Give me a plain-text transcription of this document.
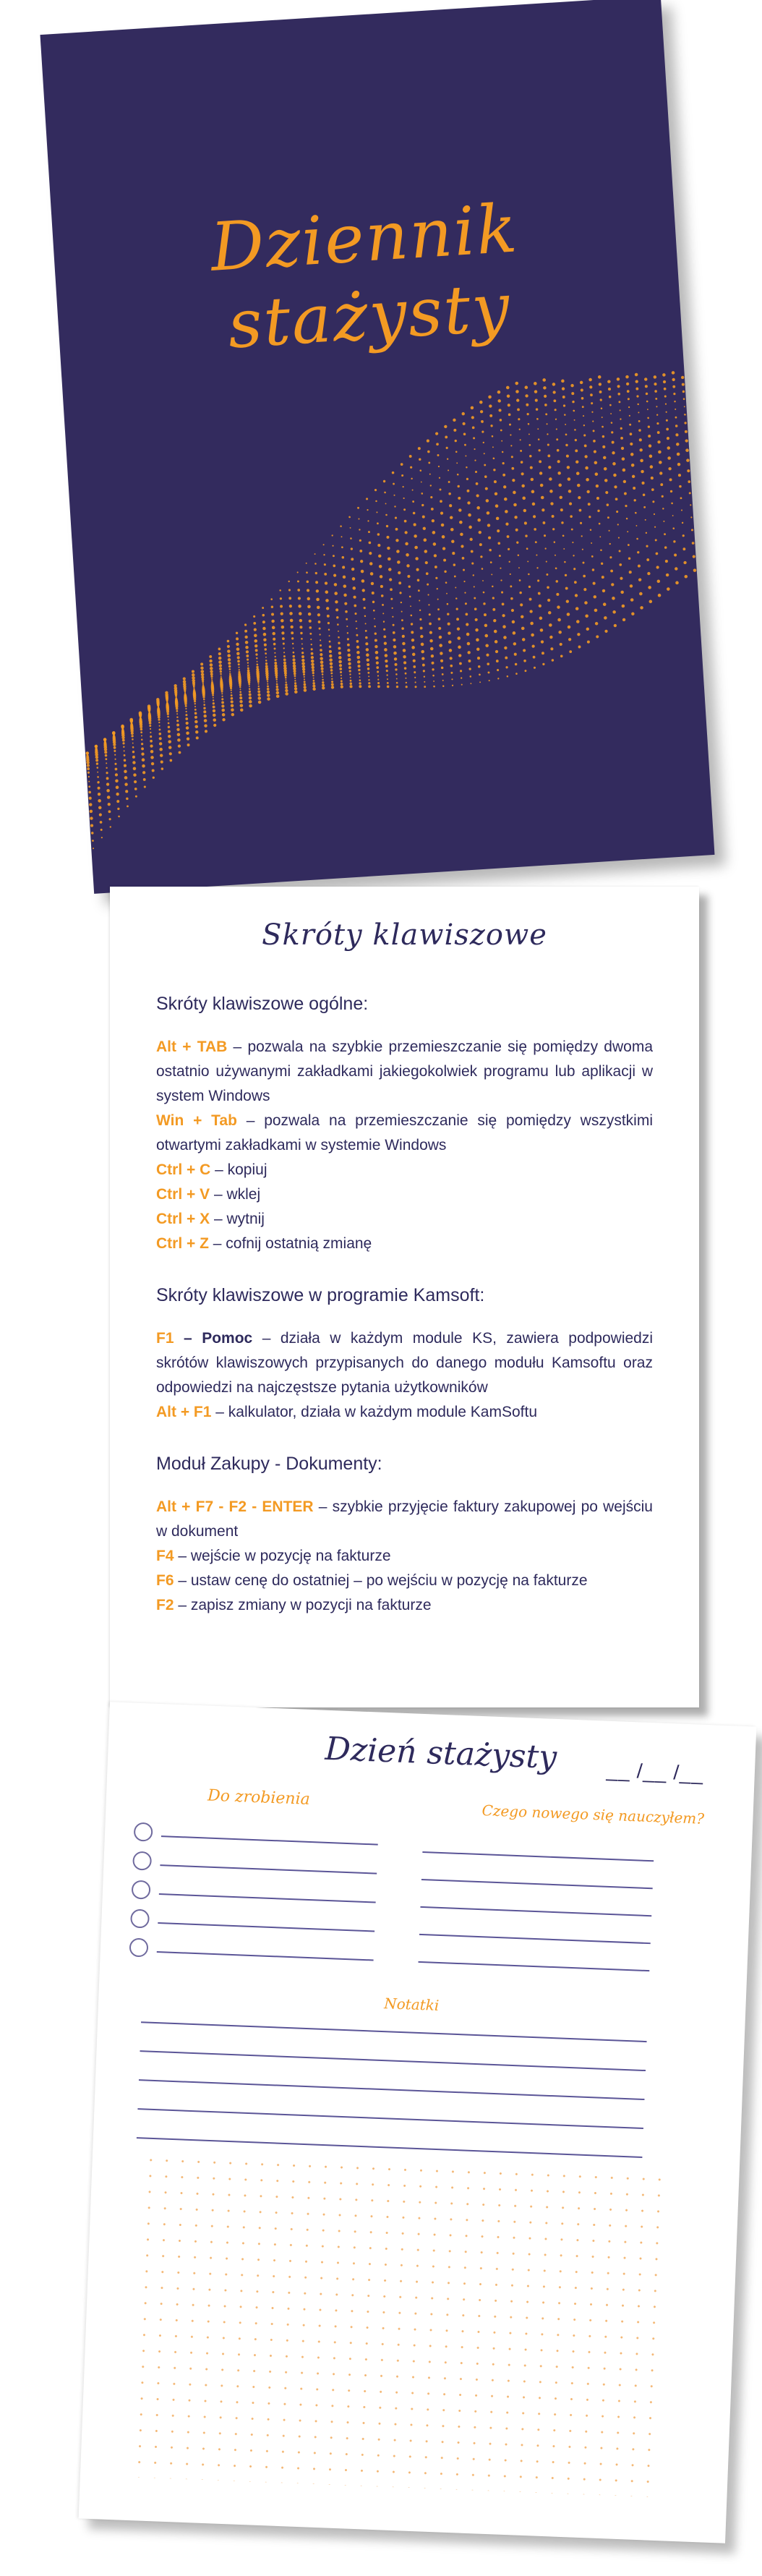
Dziennik
stażysty
Skróty klawiszowe
Skróty klawiszowe ogólne:
Alt + TAB – pozwala na szybkie przemieszczanie się pomiędzy dwoma ostatnio używanymi zakładkami jakiegokolwiek programu lub aplikacji w system Windows
Win + Tab – pozwala na przemieszczanie się pomiędzy wszystkimi otwartymi zakładkami w systemie Windows
Ctrl + C – kopiuj
Ctrl + V – wklej
Ctrl + X – wytnij
Ctrl + Z – cofnij ostatnią zmianę
Skróty klawiszowe w programie Kamsoft:
F1 – Pomoc – działa w każdym module KS, zawiera podpowiedzi skrótów klawiszowych przypisanych do danego modułu Kamsoftu oraz odpowiedzi na najczęstsze pytania użytkowników
Alt + F1 – kalkulator, działa w każdym module KamSoftu
Moduł Zakupy - Dokumenty:
Alt + F7 - F2 - ENTER – szybkie przyjęcie faktury zakupowej po wejściu w dokument
F4 – wejście w pozycję na fakturze
F6 – ustaw cenę do ostatniej – po wejściu w pozycję na fakturze
F2 – zapisz zmiany w pozycji na fakturze
Dzień stażysty __ /__ /__
Do zrobienia
Czego nowego się nauczyłem?
Notatki
